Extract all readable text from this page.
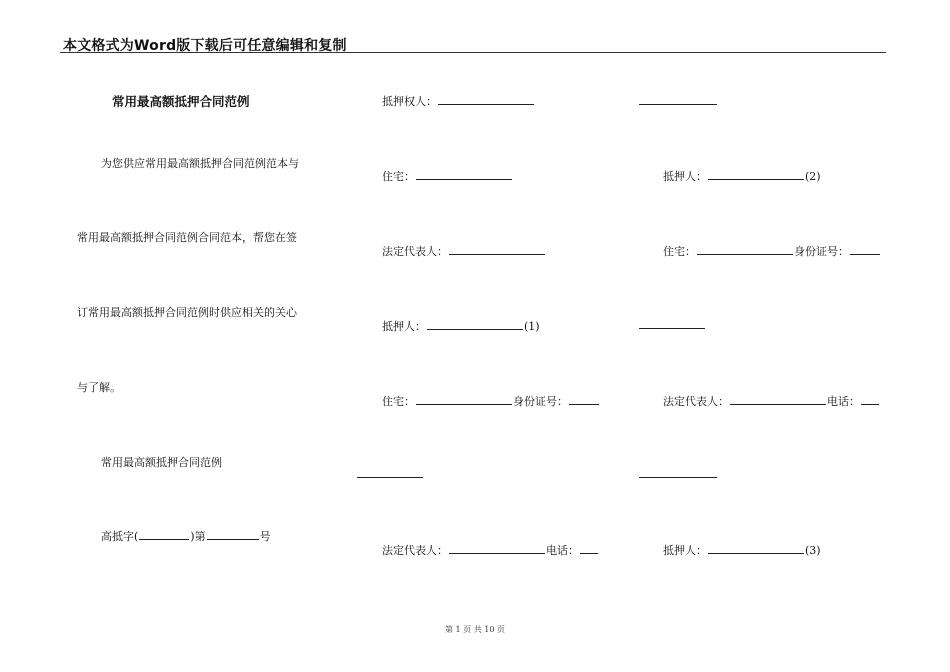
本文格式为Word版下载后可任意编辑和复制
常用最高额抵押合同范例
为您供应常用最高额抵押合同范例范本与
常用最高额抵押合同范例合同范本，帮您在签
订常用最高额抵押合同范例时供应相关的关心
与了解。
常用最高额抵押合同范例
高抵字(	)第	号
抵押权人：
住宅：
法定代表人：
抵押人：	(1)
住宅：	身份证号：
法定代表人：	电话：
抵押人：	(2)
住宅：	身份证号：
法定代表人：	电话：
抵押人：	(3)
第 1 页 共 10 页
